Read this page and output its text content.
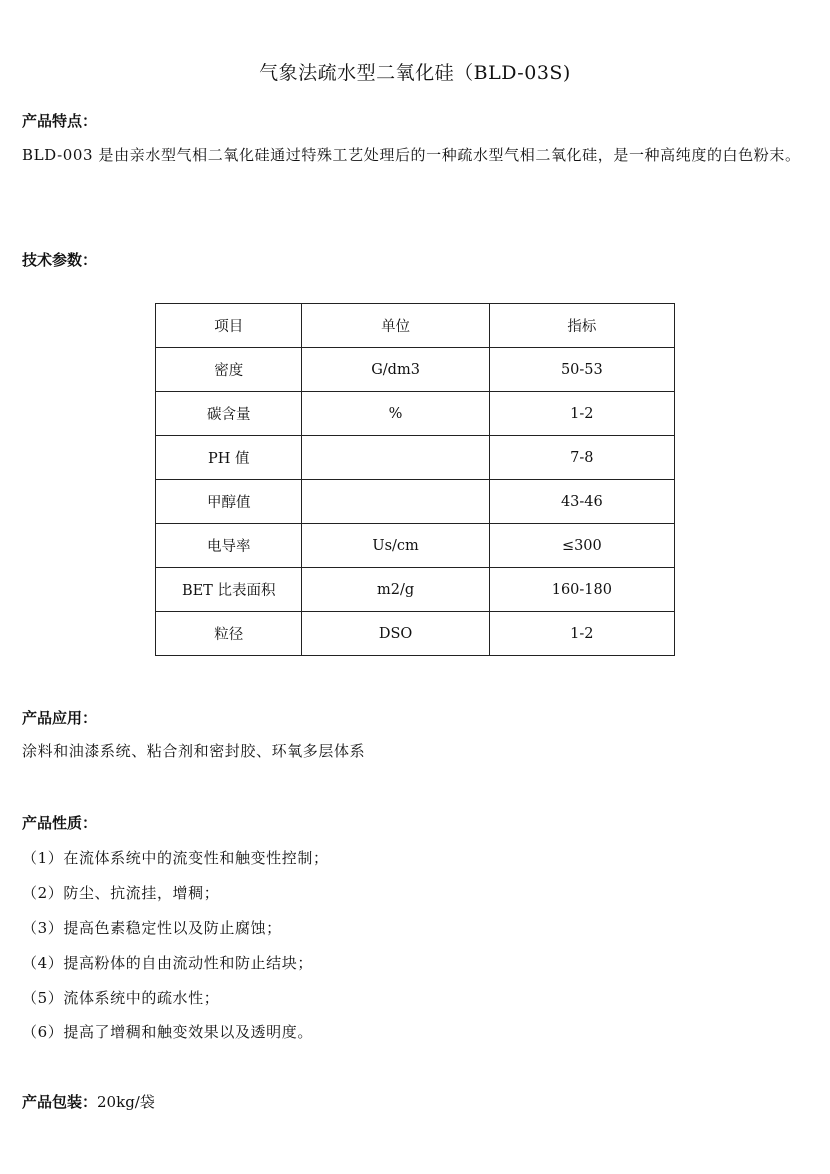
气象法疏水型二氧化硅（BLD-03S)
产品特点：
BLD-003 是由亲水型气相二氧化硅通过特殊工艺处理后的一种疏水型气相二氧化硅，是一种高纯度的白色粉末。
技术参数：
项目	单位	指标
密度	G/dm3	50-53
碳含量	%	1-2
PH 值		7-8
甲醇值		43-46
电导率	Us/cm	≤300
BET 比表面积	m2/g	160-180
粒径	DSO	1-2
产品应用：
涂料和油漆系统、粘合剂和密封胶、环氧多层体系
产品性质：
（1）在流体系统中的流变性和触变性控制；
（2）防尘、抗流挂，增稠；
（3）提高色素稳定性以及防止腐蚀；
（4）提高粉体的自由流动性和防止结块；
（5）流体系统中的疏水性；
（6）提高了增稠和触变效果以及透明度。
产品包装：20kg/袋
